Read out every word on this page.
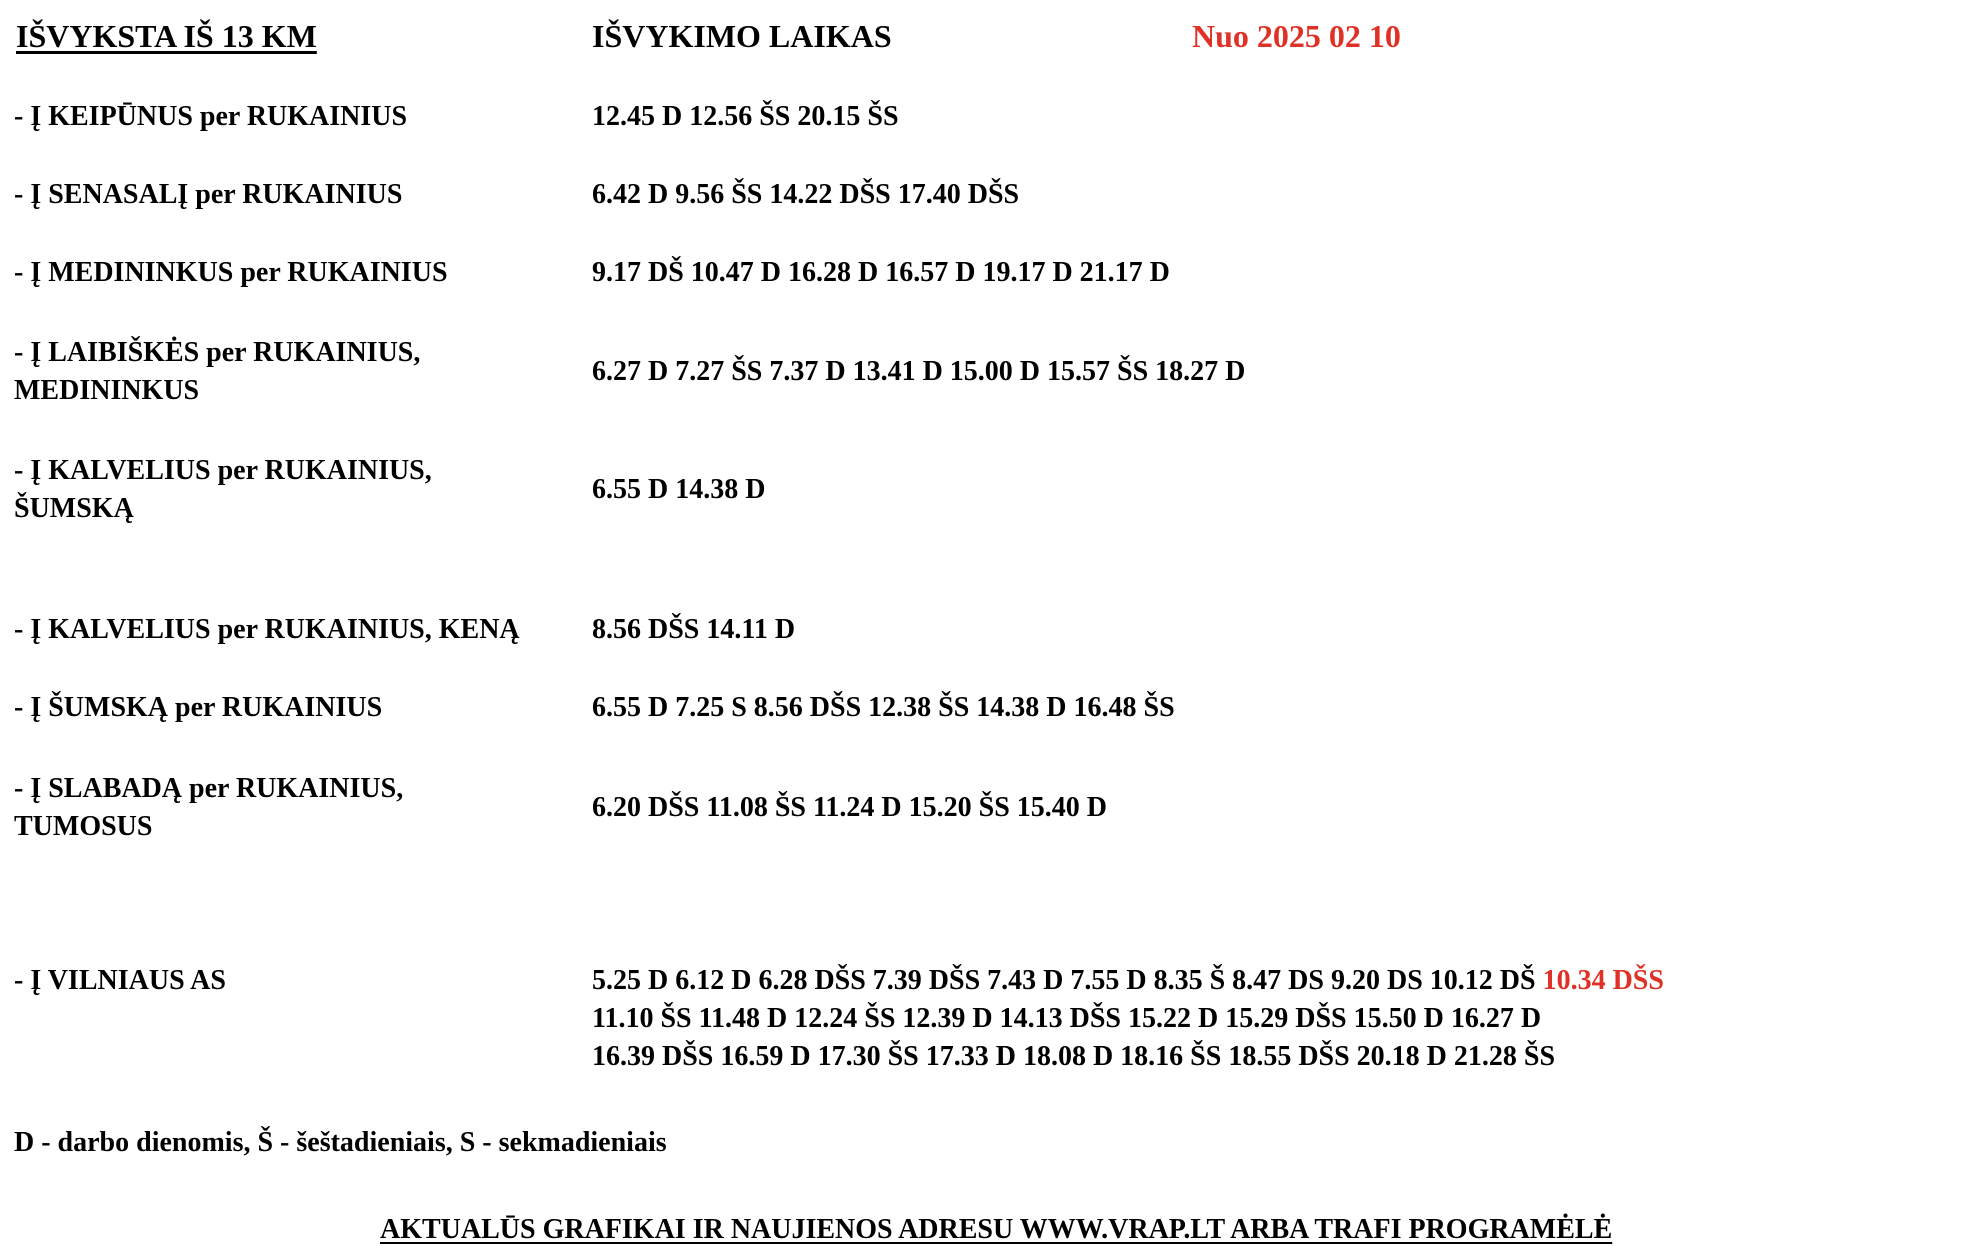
IŠVYKSTA IŠ 13 KM	IŠVYKIMO LAIKAS	Nuo 2025 02 10
- Į KEIPŪNUS per RUKAINIUS	12.45 D 12.56 ŠS 20.15 ŠS
- Į SENASALĮ per RUKAINIUS	6.42 D 9.56 ŠS 14.22 DŠS 17.40 DŠS
- Į MEDININKUS per RUKAINIUS	9.17 DŠ 10.47 D 16.28 D 16.57 D 19.17 D 21.17 D
- Į LAIBIŠKĖS per RUKAINIUS,
MEDININKUS
6.27 D 7.27 ŠS 7.37 D 13.41 D 15.00 D 15.57 ŠS 18.27 D
- Į KALVELIUS per RUKAINIUS,
ŠUMSKĄ
6.55 D 14.38 D
- Į KALVELIUS per RUKAINIUS, KENĄ	8.56 DŠS 14.11 D
- Į ŠUMSKĄ per RUKAINIUS	6.55 D 7.25 S 8.56 DŠS 12.38 ŠS 14.38 D 16.48 ŠS
- Į SLABADĄ per RUKAINIUS,
TUMOSUS
6.20 DŠS 11.08 ŠS 11.24 D 15.20 ŠS 15.40 D
- Į VILNIAUS AS	5.25 D 6.12 D 6.28 DŠS 7.39 DŠS 7.43 D 7.55 D 8.35 Š 8.47 DS 9.20 DS 10.12 DŠ 10.34 DŠS
11.10 ŠS 11.48 D 12.24 ŠS 12.39 D 14.13 DŠS 15.22 D 15.29 DŠS 15.50 D 16.27 D
16.39 DŠS 16.59 D 17.30 ŠS 17.33 D 18.08 D 18.16 ŠS 18.55 DŠS 20.18 D 21.28 ŠS
D - darbo dienomis, Š - šeštadieniais, S - sekmadieniais
AKTUALŪS GRAFIKAI IR NAUJIENOS ADRESU WWW.VRAP.LT ARBA TRAFI PROGRAMĖLĖ
